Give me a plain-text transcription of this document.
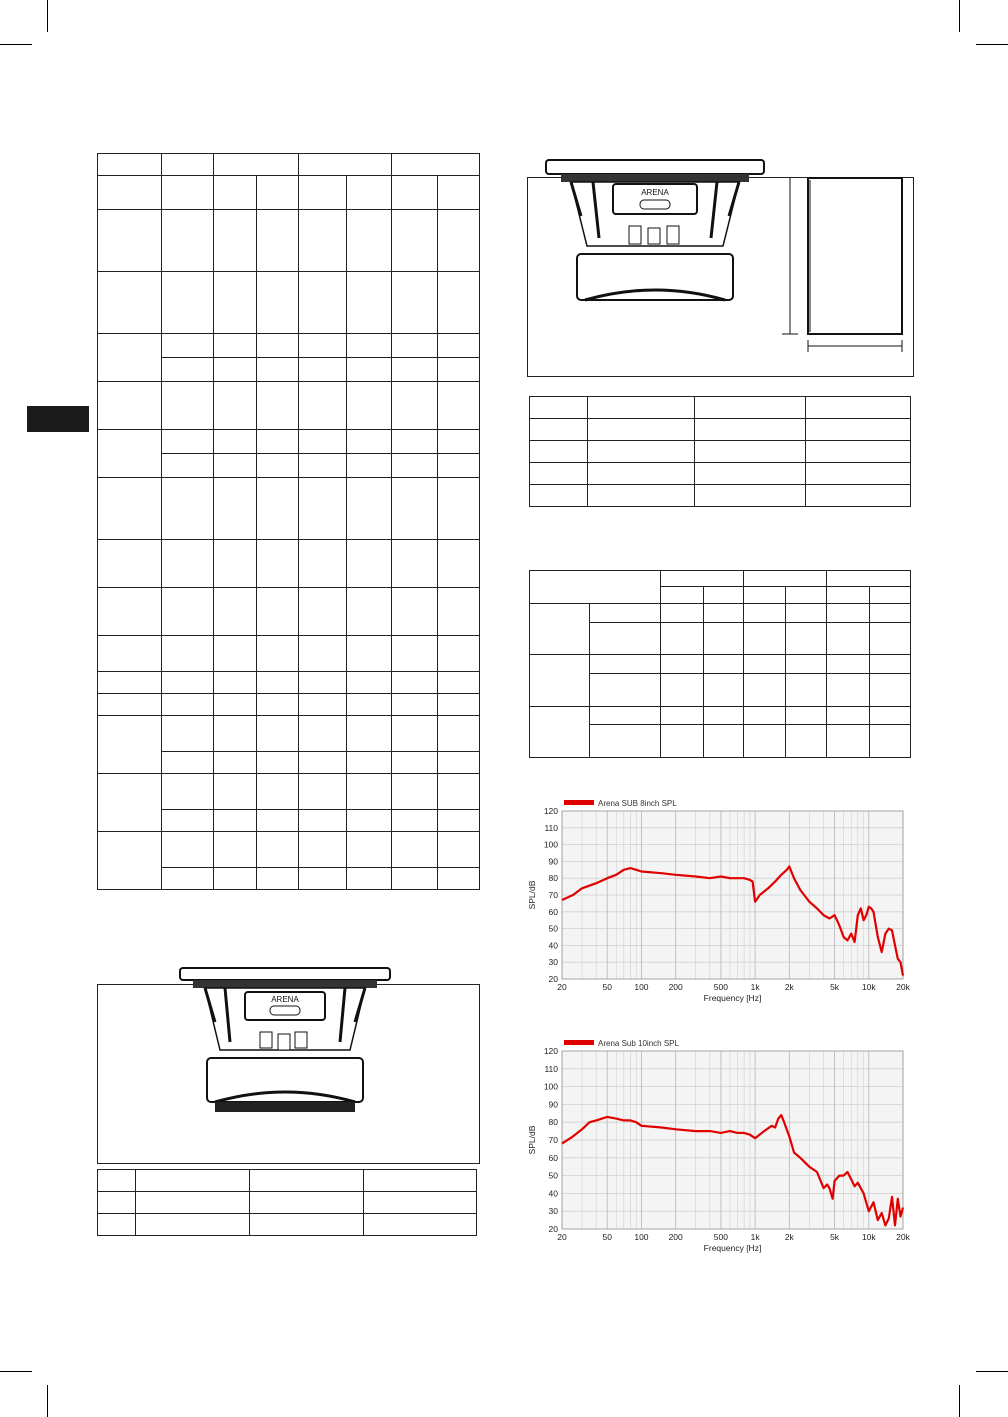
ARENA

ARENA

20
30
40
50
60
70
80
90
100
110
120
20	50	100 200	500	1k	2k	5k	10k 20k
Arena SUB 8inch SPL
Frequency [Hz]
SPL/dB
20
30
40
50
60
70
80
90
100
110
120
20	50	100 200	500	1k	2k	5k	10k 20k
Arena Sub 10inch SPL
Frequency [Hz]
SPL/dB
